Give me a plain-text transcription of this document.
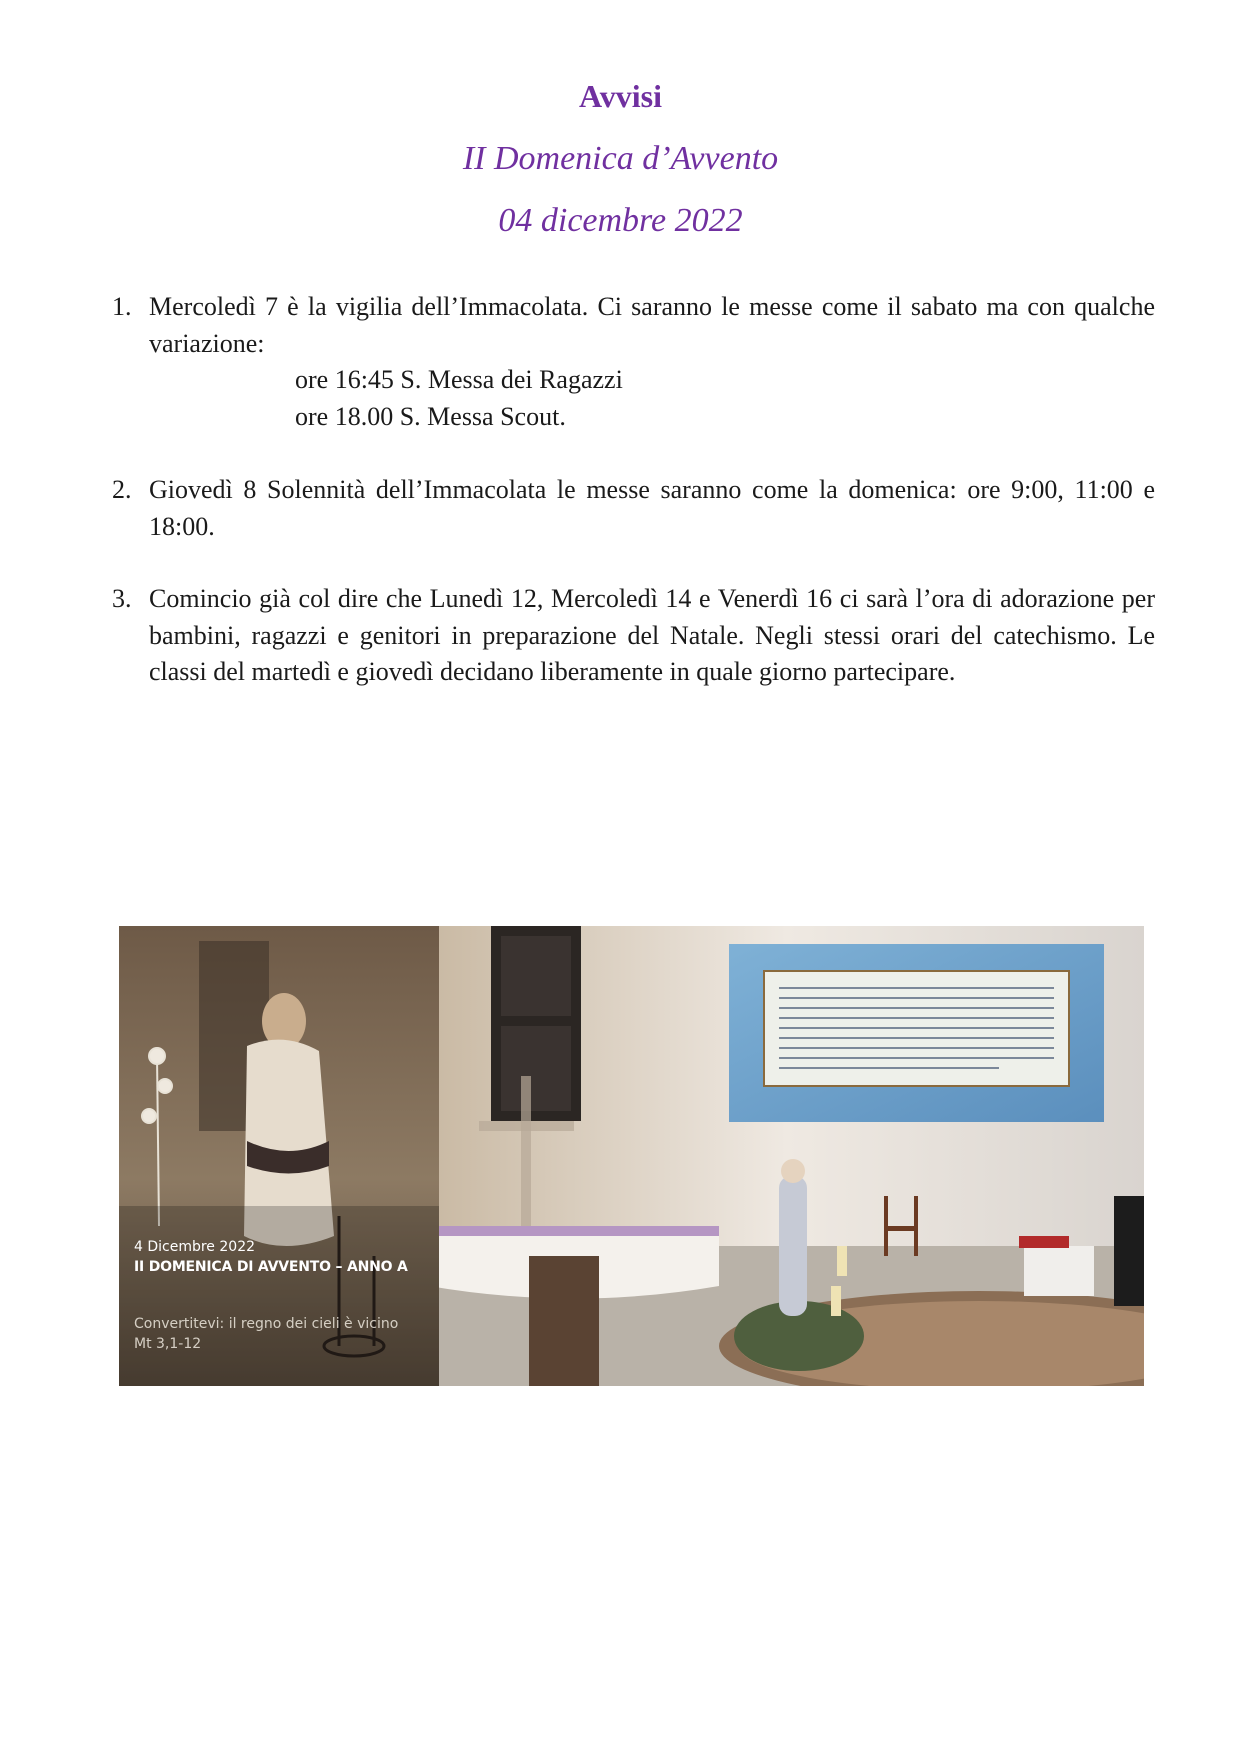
Avvisi
II Domenica d’Avvento
04 dicembre 2022
1. Mercoledì 7 è la vigilia dell’Immacolata. Ci saranno le messe come il sabato ma con qualche variazione:
ore 16:45 S. Messa dei Ragazzi
ore 18.00 S. Messa Scout.
2. Giovedì 8 Solennità dell’Immacolata le messe saranno come la domenica: ore 9:00, 11:00 e 18:00.
3. Comincio già col dire che Lunedì 12, Mercoledì 14 e Venerdì 16 ci sarà l’ora di adorazione per bambini, ragazzi e genitori in preparazione del Natale. Negli stessi orari del catechismo. Le classi del martedì e giovedì decidano liberamente in quale giorno partecipare.
4 Dicembre 2022
II DOMENICA DI AVVENTO – ANNO A
Convertitevi: il regno dei cieli è vicino
Mt 3,1-12
